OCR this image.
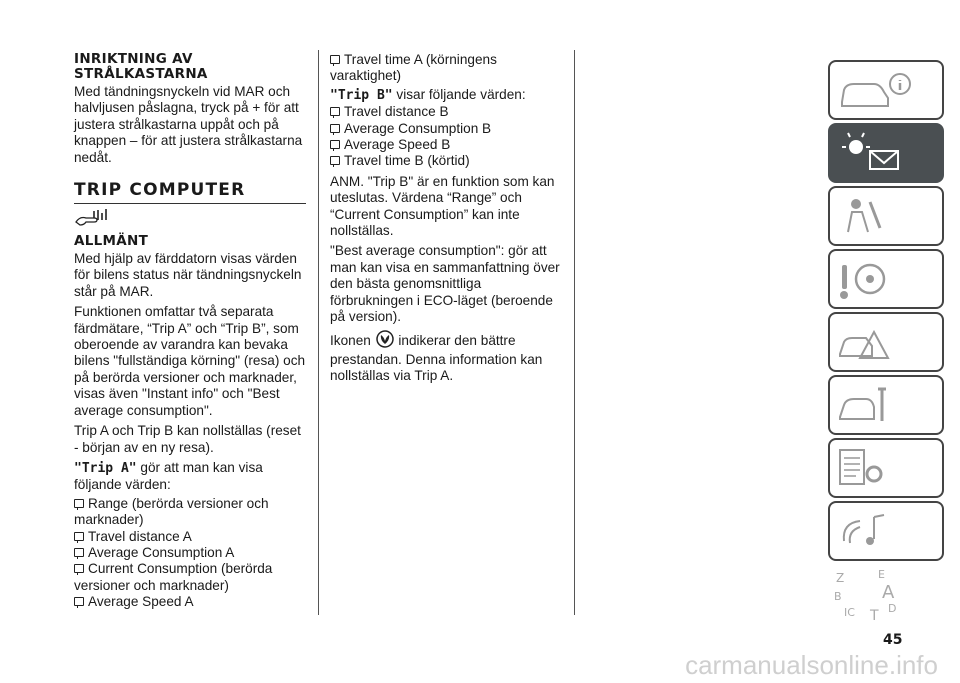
INRIKTNING AV STRÅLKASTARNA

Med tändningsnyckeln vid MAR och halvljusen påslagna, tryck på + för att justera strålkastarna uppåt och på knappen – för att justera strålkastarna nedåt.

TRIP COMPUTER
ALLMÄNT

Med hjälp av färddatorn visas värden för bilens status när tändningsnyckeln står på MAR.

Funktionen omfattar två separata färdmätare, “Trip A” och “Trip B”, som oberoende av varandra kan bevaka bilens "fullständiga körning" (resa) och på berörda versioner och marknader, visas även "Instant info" och "Best average consumption".

Trip A och Trip B kan nollställas (reset - början av en ny resa).

"Trip A" gör att man kan visa följande värden:

Range (berörda versioner och marknader)
Travel distance A
Average Consumption A
Current Consumption (berörda versioner och marknader)
Average Speed A
Travel time A (körningens varaktighet)

"Trip B" visar följande värden:

Travel distance B
Average Consumption B
Average Speed B
Travel time B (körtid)

ANM. "Trip B" är en funktion som kan uteslutas. Värdena “Range” och “Current Consumption” kan inte nollställas.

"Best average consumption": gör att man kan visa en sammanfattning över den bästa genomsnittliga förbrukningen i ECO-läget (beroende på version).

Ikonen indikerar den bättre prestandan. Denna information kan nollställas via Trip A.

Z	E
B A
IC T D
45
carmanualsonline.info
